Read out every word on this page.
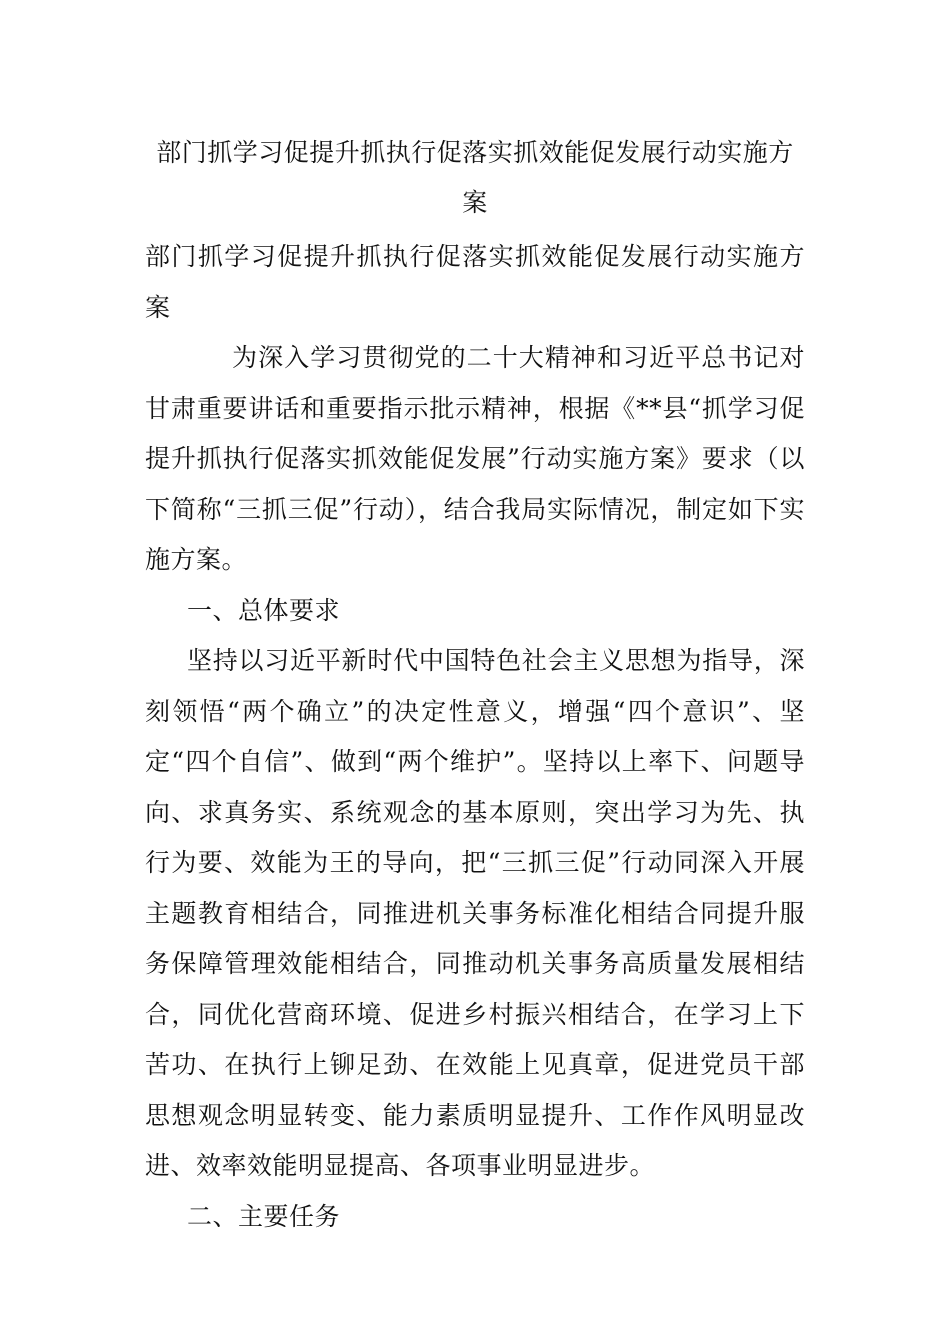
部门抓学习促提升抓执行促落实抓效能促发展行动实施方案

部门抓学习促提升抓执行促落实抓效能促发展行动实施方案

为深入学习贯彻党的二十大精神和习近平总书记对甘肃重要讲话和重要指示批示精神，根据《**县“抓学习促提升抓执行促落实抓效能促发展”行动实施方案》要求（以下简称“三抓三促”行动），结合我局实际情况，制定如下实施方案。

一、总体要求

坚持以习近平新时代中国特色社会主义思想为指导，深刻领悟“两个确立”的决定性意义，增强“四个意识”、坚定“四个自信”、做到“两个维护”。坚持以上率下、问题导向、求真务实、系统观念的基本原则，突出学习为先、执行为要、效能为王的导向，把“三抓三促”行动同深入开展主题教育相结合，同推进机关事务标准化相结合同提升服务保障管理效能相结合，同推动机关事务高质量发展相结合，同优化营商环境、促进乡村振兴相结合，在学习上下苦功、在执行上铆足劲、在效能上见真章，促进党员干部思想观念明显转变、能力素质明显提升、工作作风明显改进、效率效能明显提高、各项事业明显进步。

二、主要任务
